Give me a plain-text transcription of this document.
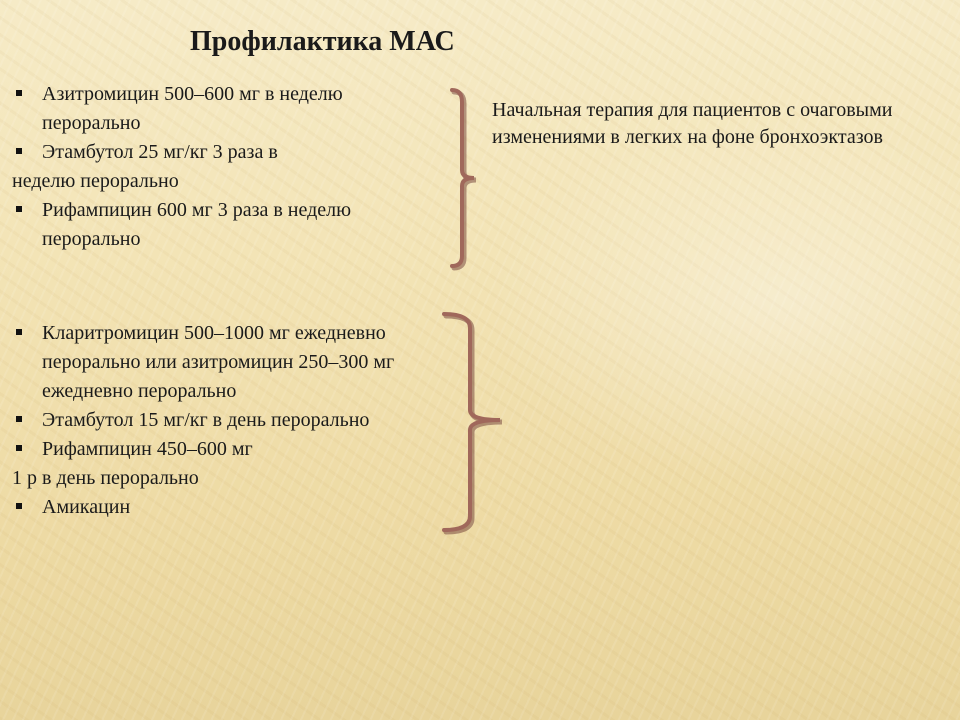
Профилактика МАС
Азитромицин 500–600 мг в неделю перорально
Этамбутол 25 мг/кг 3 раза в
неделю перорально
Рифампицин 600 мг 3 раза в неделю перорально
Начальная терапия для пациентов с очаговыми изменениями в легких на фоне бронхоэктазов
Кларитромицин 500–1000 мг ежедневно перорально или азитромицин 250–300 мг ежедневно перорально
Этамбутол 15 мг/кг в день перорально
Рифампицин 450–600 мг
1 р в день перорально
Амикацин
